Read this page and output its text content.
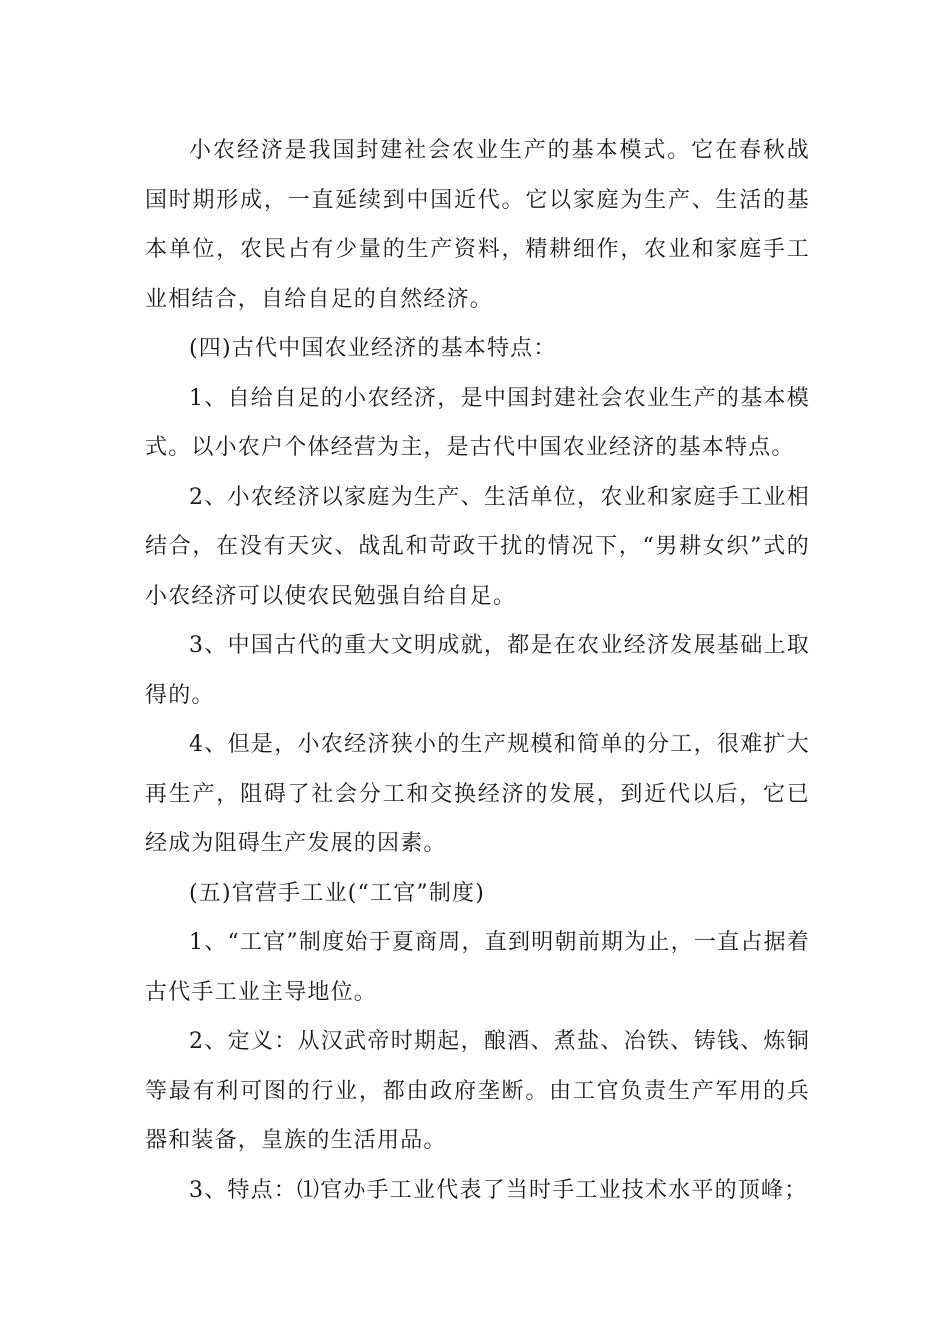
小农经济是我国封建社会农业生产的基本模式。它在春秋战国时期形成，一直延续到中国近代。它以家庭为生产、生活的基本单位，农民占有少量的生产资料，精耕细作，农业和家庭手工业相结合，自给自足的自然经济。

(四)古代中国农业经济的基本特点：

1、自给自足的小农经济，是中国封建社会农业生产的基本模式。以小农户个体经营为主，是古代中国农业经济的基本特点。

2、小农经济以家庭为生产、生活单位，农业和家庭手工业相结合，在没有天灾、战乱和苛政干扰的情况下，“男耕女织”式的小农经济可以使农民勉强自给自足。

3、中国古代的重大文明成就，都是在农业经济发展基础上取得的。

4、但是，小农经济狭小的生产规模和简单的分工，很难扩大再生产，阻碍了社会分工和交换经济的发展，到近代以后，它已经成为阻碍生产发展的因素。

(五)官营手工业(“工官”制度)

1、“工官”制度始于夏商周，直到明朝前期为止，一直占据着古代手工业主导地位。

2、定义：从汉武帝时期起，酿酒、煮盐、冶铁、铸钱、炼铜等最有利可图的行业，都由政府垄断。由工官负责生产军用的兵器和装备，皇族的生活用品。

3、特点：⑴官办手工业代表了当时手工业技术水平的顶峰；
